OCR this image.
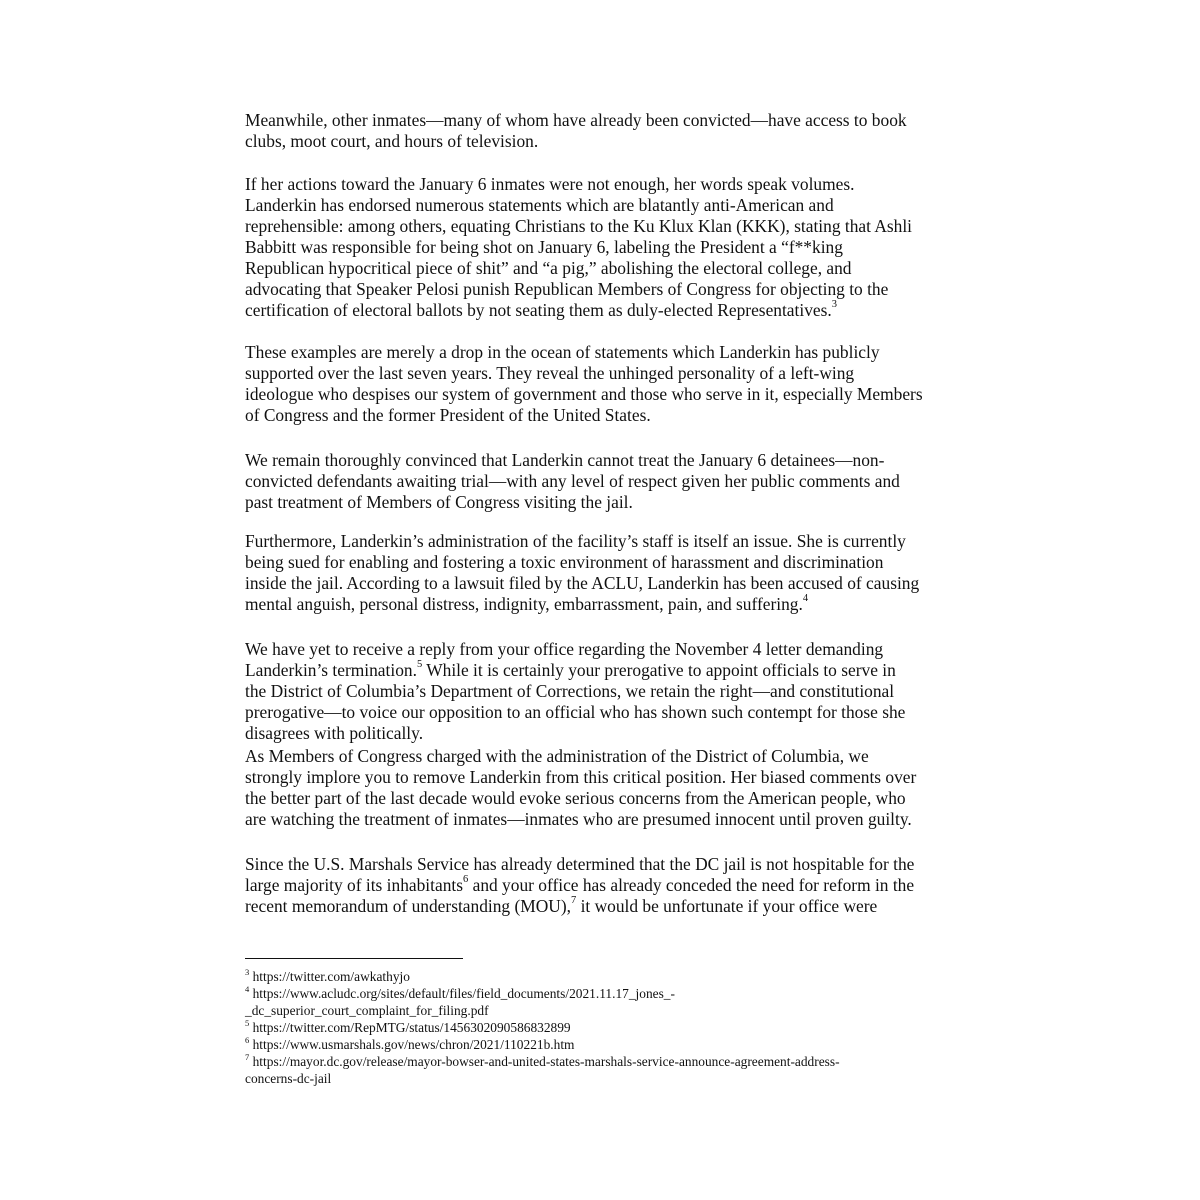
Meanwhile, other inmates—many of whom have already been convicted—have access to book
clubs, moot court, and hours of television.

If her actions toward the January 6 inmates were not enough, her words speak volumes.
Landerkin has endorsed numerous statements which are blatantly anti-American and
reprehensible: among others, equating Christians to the Ku Klux Klan (KKK), stating that Ashli
Babbitt was responsible for being shot on January 6, labeling the President a “f**king
Republican hypocritical piece of shit” and “a pig,” abolishing the electoral college, and
advocating that Speaker Pelosi punish Republican Members of Congress for objecting to the
certification of electoral ballots by not seating them as duly-elected Representatives.$^3$

These examples are merely a drop in the ocean of statements which Landerkin has publicly
supported over the last seven years. They reveal the unhinged personality of a left-wing
ideologue who despises our system of government and those who serve in it, especially Members
of Congress and the former President of the United States.

We remain thoroughly convinced that Landerkin cannot treat the January 6 detainees—non-
convicted defendants awaiting trial—with any level of respect given her public comments and
past treatment of Members of Congress visiting the jail.

Furthermore, Landerkin’s administration of the facility’s staff is itself an issue. She is currently
being sued for enabling and fostering a toxic environment of harassment and discrimination
inside the jail. According to a lawsuit filed by the ACLU, Landerkin has been accused of causing
mental anguish, personal distress, indignity, embarrassment, pain, and suffering.$^4$

We have yet to receive a reply from your office regarding the November 4 letter demanding
Landerkin’s termination.$^5$ While it is certainly your prerogative to appoint officials to serve in
the District of Columbia’s Department of Corrections, we retain the right—and constitutional
prerogative—to voice our opposition to an official who has shown such contempt for those she
disagrees with politically.

As Members of Congress charged with the administration of the District of Columbia, we
strongly implore you to remove Landerkin from this critical position. Her biased comments over
the better part of the last decade would evoke serious concerns from the American people, who
are watching the treatment of inmates—inmates who are presumed innocent until proven guilty.

Since the U.S. Marshals Service has already determined that the DC jail is not hospitable for the
large majority of its inhabitants$^6$ and your office has already conceded the need for reform in the
recent memorandum of understanding (MOU),$^7$ it would be unfortunate if your office were

$^3$ https://twitter.com/awkathyjo

$^4$ https://www.acludc.org/sites/default/files/field_documents/2021.11.17_jones_-
_dc_superior_court_complaint_for_filing.pdf

$^5$ https://twitter.com/RepMTG/status/1456302090586832899

$^6$ https://www.usmarshals.gov/news/chron/2021/110221b.htm

$^7$ https://mayor.dc.gov/release/mayor-bowser-and-united-states-marshals-service-announce-agreement-address-
concerns-dc-jail
